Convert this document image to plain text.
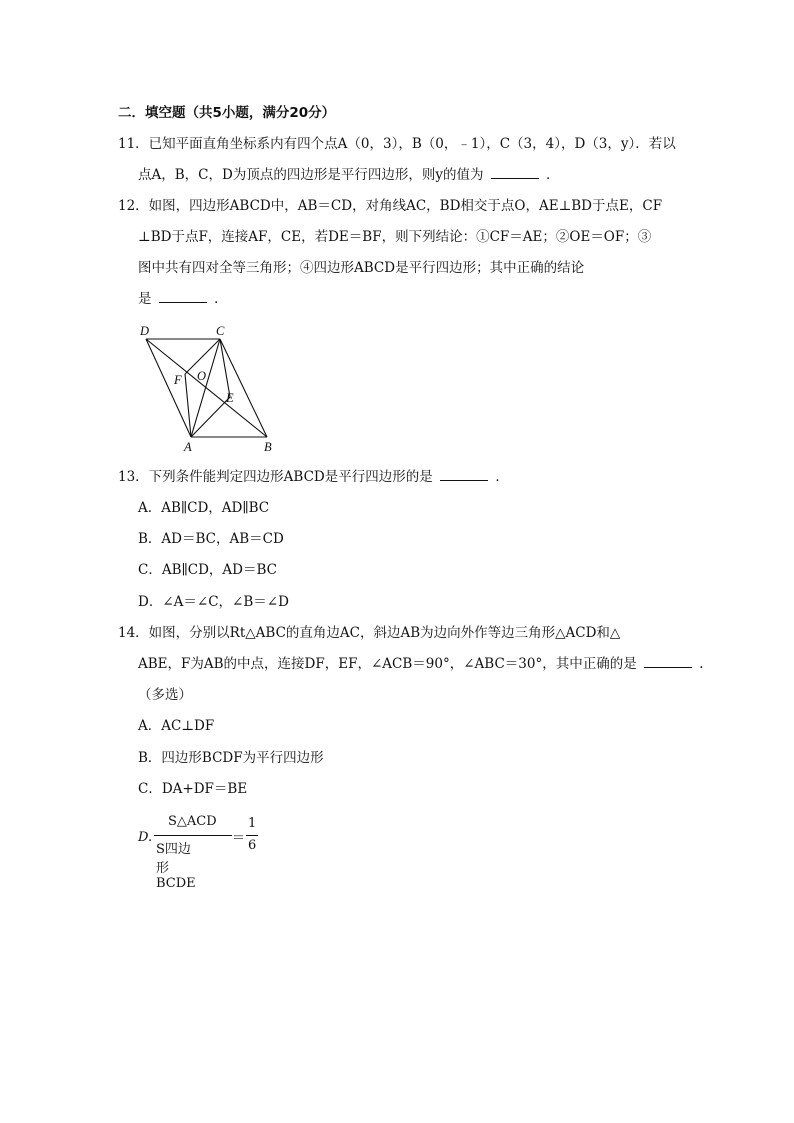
二．填空题（共5小题，满分20分）
11．已知平面直角坐标系内有四个点A（0，3），B（0，﹣1），C（3，4），D（3，y）．若以
点A，B，C，D为顶点的四边形是平行四边形，则y的值为	．
12．如图，四边形ABCD中，AB＝CD，对角线AC，BD相交于点O，AE⊥BD于点E，CF
⊥BD于点F，连接AF，CE，若DE＝BF，则下列结论：①CF＝AE；②OE＝OF；③
图中共有四对全等三角形；④四边形ABCD是平行四边形；其中正确的结论
是	．
D	C
F O
E
A	B
13．下列条件能判定四边形ABCD是平行四边形的是	．
A．AB∥CD，AD∥BC
B．AD＝BC，AB＝CD
C．AB∥CD，AD＝BC
D．∠A＝∠C，∠B＝∠D
14．如图，分别以Rt△ABC的直角边AC，斜边AB为边向外作等边三角形△ACD和△
ABE，F为AB的中点，连接DF，EF，∠ACB＝90°，∠ABC＝30°，其中正确的是	.
（多选）
A．AC⊥DF
B．四边形BCDF为平行四边形
C．DA+DF＝BE
D.
S△ACD
S四边形BCDE
＝
1
6
